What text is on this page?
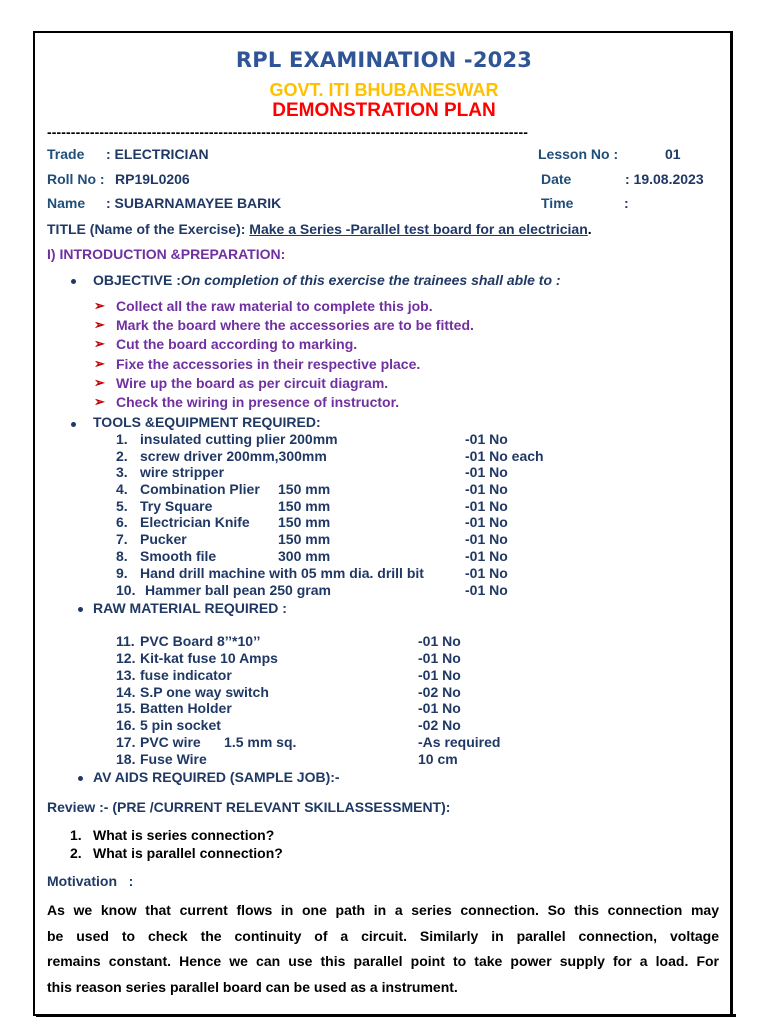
RPL EXAMINATION -2023
GOVT. ITI BHUBANESWAR
DEMONSTRATION PLAN
-----------------------------------------------------------------------------------------------------
Trade : ELECTRICIAN	Lesson No :	01
Roll No : RP19L0206	Date	: 19.08.2023
Name : SUBARNAMAYEE BARIK	Time	:
TITLE (Name of the Exercise): Make a Series -Parallel test board for an electrician.
I) INTRODUCTION &PREPARATION:
OBJECTIVE :On completion of this exercise the trainees shall able to :
➢ Collect all the raw material to complete this job.
➢ Mark the board where the accessories are to be fitted.
➢ Cut the board according to marking.
➢ Fixe the accessories in their respective place.
➢ Wire up the board as per circuit diagram.
➢ Check the wiring in presence of instructor.
TOOLS &EQUIPMENT REQUIRED:
1. insulated cutting plier 200mm	-01 No
2. screw driver 200mm,300mm	-01 No each
3. wire stripper	-01 No
4. Combination Plier 150 mm	-01 No
5. Try Square	150 mm	-01 No
6. Electrician Knife 150 mm	-01 No
7. Pucker	150 mm	-01 No
8. Smooth file	300 mm	-01 No
9. Hand drill machine with 05 mm dia. drill bit	-01 No
10. Hammer ball pean 250 gram	-01 No
RAW MATERIAL REQUIRED :
11. PVC Board 8’’*10’’	-01 No
12. Kit-kat fuse 10 Amps	-01 No
13. fuse indicator	-01 No
14. S.P one way switch	-02 No
15. Batten Holder	-01 No
16. 5 pin socket	-02 No
17. PVC wire      1.5 mm sq.	-As required
18. Fuse Wire	10 cm
AV AIDS REQUIRED (SAMPLE JOB):-
Review :- (PRE /CURRENT RELEVANT SKILLASSESSMENT):
1. What is series connection?
2. What is parallel connection?
Motivation   :
As we know that current flows in one path in a series connection. So this connection may
be used to check the continuity of a circuit. Similarly in parallel connection, voltage
remains constant. Hence we can use this parallel point to take power supply for a load. For
this reason series parallel board can be used as a instrument.
